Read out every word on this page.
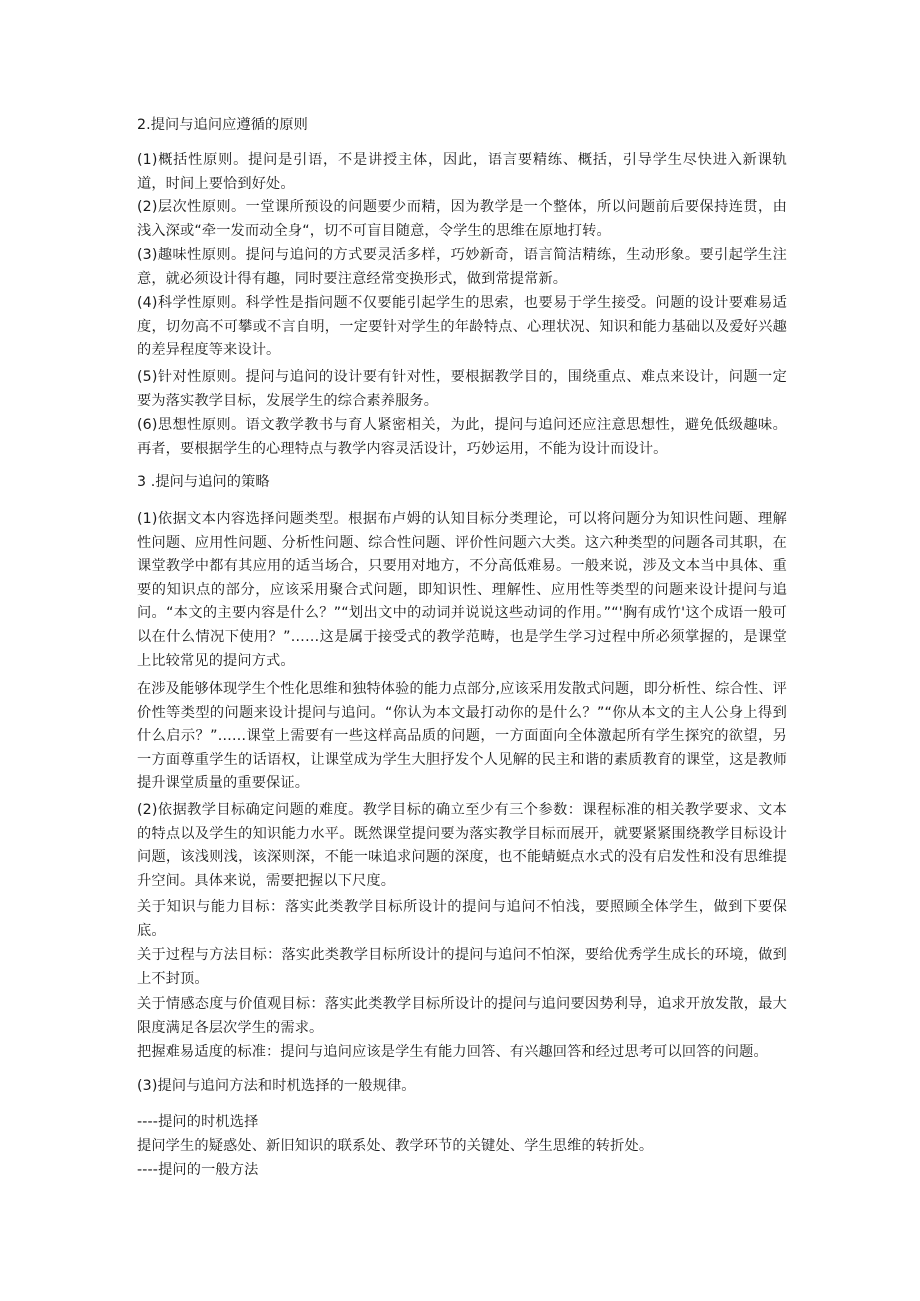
2.提问与追问应遵循的原则

(1)概括性原则。提问是引语，不是讲授主体，因此，语言要精练、概括，引导学生尽快进入新课轨道，时间上要恰到好处。

(2)层次性原则。一堂课所预设的问题要少而精，因为教学是一个整体，所以问题前后要保持连贯，由浅入深或“牵一发而动全身“，切不可盲目随意，令学生的思维在原地打转。

(3)趣味性原则。提问与追问的方式要灵活多样，巧妙新奇，语言简洁精练，生动形象。要引起学生注意，就必须设计得有趣，同时要注意经常变换形式，做到常提常新。

(4)科学性原则。科学性是指问题不仅要能引起学生的思索，也要易于学生接受。问题的设计要难易适度，切勿高不可攀或不言自明，一定要针对学生的年龄特点、心理状况、知识和能力基础以及爱好兴趣的差异程度等来设计。

(5)针对性原则。提问与追问的设计要有针对性，要根据教学目的，围绕重点、难点来设计，问题一定要为落实教学目标，发展学生的综合素养服务。

(6)思想性原则。语文教学教书与育人紧密相关，为此，提问与追问还应注意思想性，避免低级趣味。再者，要根据学生的心理特点与教学内容灵活设计，巧妙运用，不能为设计而设计。

3 .提问与追问的策略

(1)依据文本内容选择问题类型。根据布卢姆的认知目标分类理论，可以将问题分为知识性问题、理解性问题、应用性问题、分析性问题、综合性问题、评价性问题六大类。这六种类型的问题各司其职，在课堂教学中都有其应用的适当场合，只要用对地方，不分高低难易。一般来说，涉及文本当中具体、重要的知识点的部分，应该采用聚合式问题，即知识性、理解性、应用性等类型的问题来设计提问与追问。“本文的主要内容是什么？”“划出文中的动词并说说这些动词的作用。”“'胸有成竹'这个成语一般可以在什么情况下使用？”……这是属于接受式的教学范畴，也是学生学习过程中所必须掌握的，是课堂上比较常见的提问方式。

在涉及能够体现学生个性化思维和独特体验的能力点部分,应该采用发散式问题，即分析性、综合性、评价性等类型的问题来设计提问与追问。“你认为本文最打动你的是什么？”“你从本文的主人公身上得到什么启示？”……课堂上需要有一些这样高品质的问题，一方面面向全体激起所有学生探究的欲望，另一方面尊重学生的话语权，让课堂成为学生大胆抒发个人见解的民主和谐的素质教育的课堂，这是教师提升课堂质量的重要保证。

(2)依据教学目标确定问题的难度。教学目标的确立至少有三个参数：课程标准的相关教学要求、文本的特点以及学生的知识能力水平。既然课堂提问要为落实教学目标而展开，就要紧紧围绕教学目标设计问题，该浅则浅，该深则深，不能一味追求问题的深度，也不能蜻蜓点水式的没有启发性和没有思维提升空间。具体来说，需要把握以下尺度。

关于知识与能力目标：落实此类教学目标所设计的提问与追问不怕浅，要照顾全体学生，做到下要保底。

关于过程与方法目标：落实此类教学目标所设计的提问与追问不怕深，要给优秀学生成长的环境，做到上不封顶。

关于情感态度与价值观目标：落实此类教学目标所设计的提问与追问要因势利导，追求开放发散，最大限度满足各层次学生的需求。

把握难易适度的标准：提问与追问应该是学生有能力回答、有兴趣回答和经过思考可以回答的问题。

(3)提问与追问方法和时机选择的一般规律。

----提问的时机选择

提问学生的疑惑处、新旧知识的联系处、教学环节的关键处、学生思维的转折处。

----提问的一般方法
